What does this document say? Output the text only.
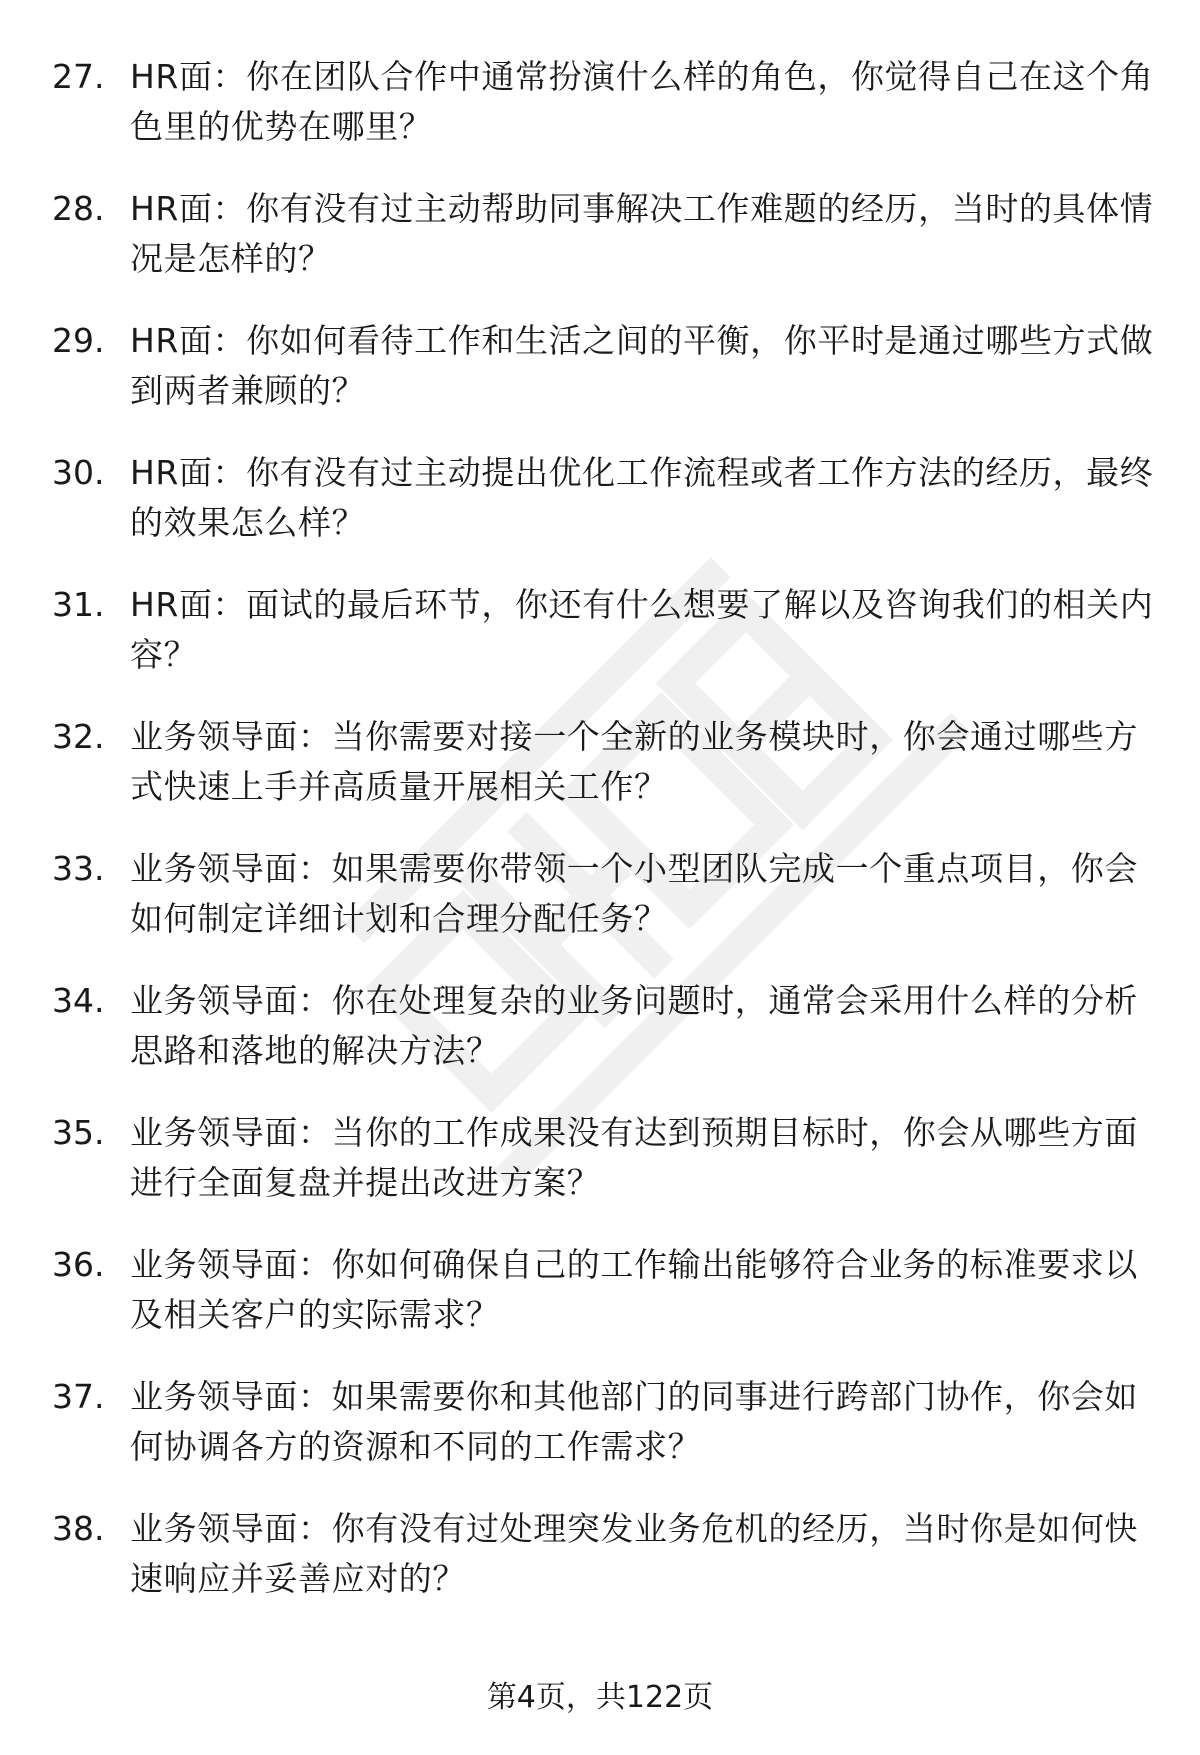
27. HR面：你在团队合作中通常扮演什么样的角色，你觉得自己在这个角色里的优势在哪里？
28. HR面：你有没有过主动帮助同事解决工作难题的经历，当时的具体情况是怎样的？
29. HR面：你如何看待工作和生活之间的平衡，你平时是通过哪些方式做到两者兼顾的？
30. HR面：你有没有过主动提出优化工作流程或者工作方法的经历，最终的效果怎么样？
31. HR面：面试的最后环节，你还有什么想要了解以及咨询我们的相关内容？
32. 业务领导面：当你需要对接一个全新的业务模块时，你会通过哪些方式快速上手并高质量开展相关工作？
33. 业务领导面：如果需要你带领一个小型团队完成一个重点项目，你会如何制定详细计划和合理分配任务？
34. 业务领导面：你在处理复杂的业务问题时，通常会采用什么样的分析思路和落地的解决方法？
35. 业务领导面：当你的工作成果没有达到预期目标时，你会从哪些方面进行全面复盘并提出改进方案？
36. 业务领导面：你如何确保自己的工作输出能够符合业务的标准要求以及相关客户的实际需求？
37. 业务领导面：如果需要你和其他部门的同事进行跨部门协作，你会如何协调各方的资源和不同的工作需求？
38. 业务领导面：你有没有过处理突发业务危机的经历，当时你是如何快速响应并妥善应对的？
第4页，共122页
